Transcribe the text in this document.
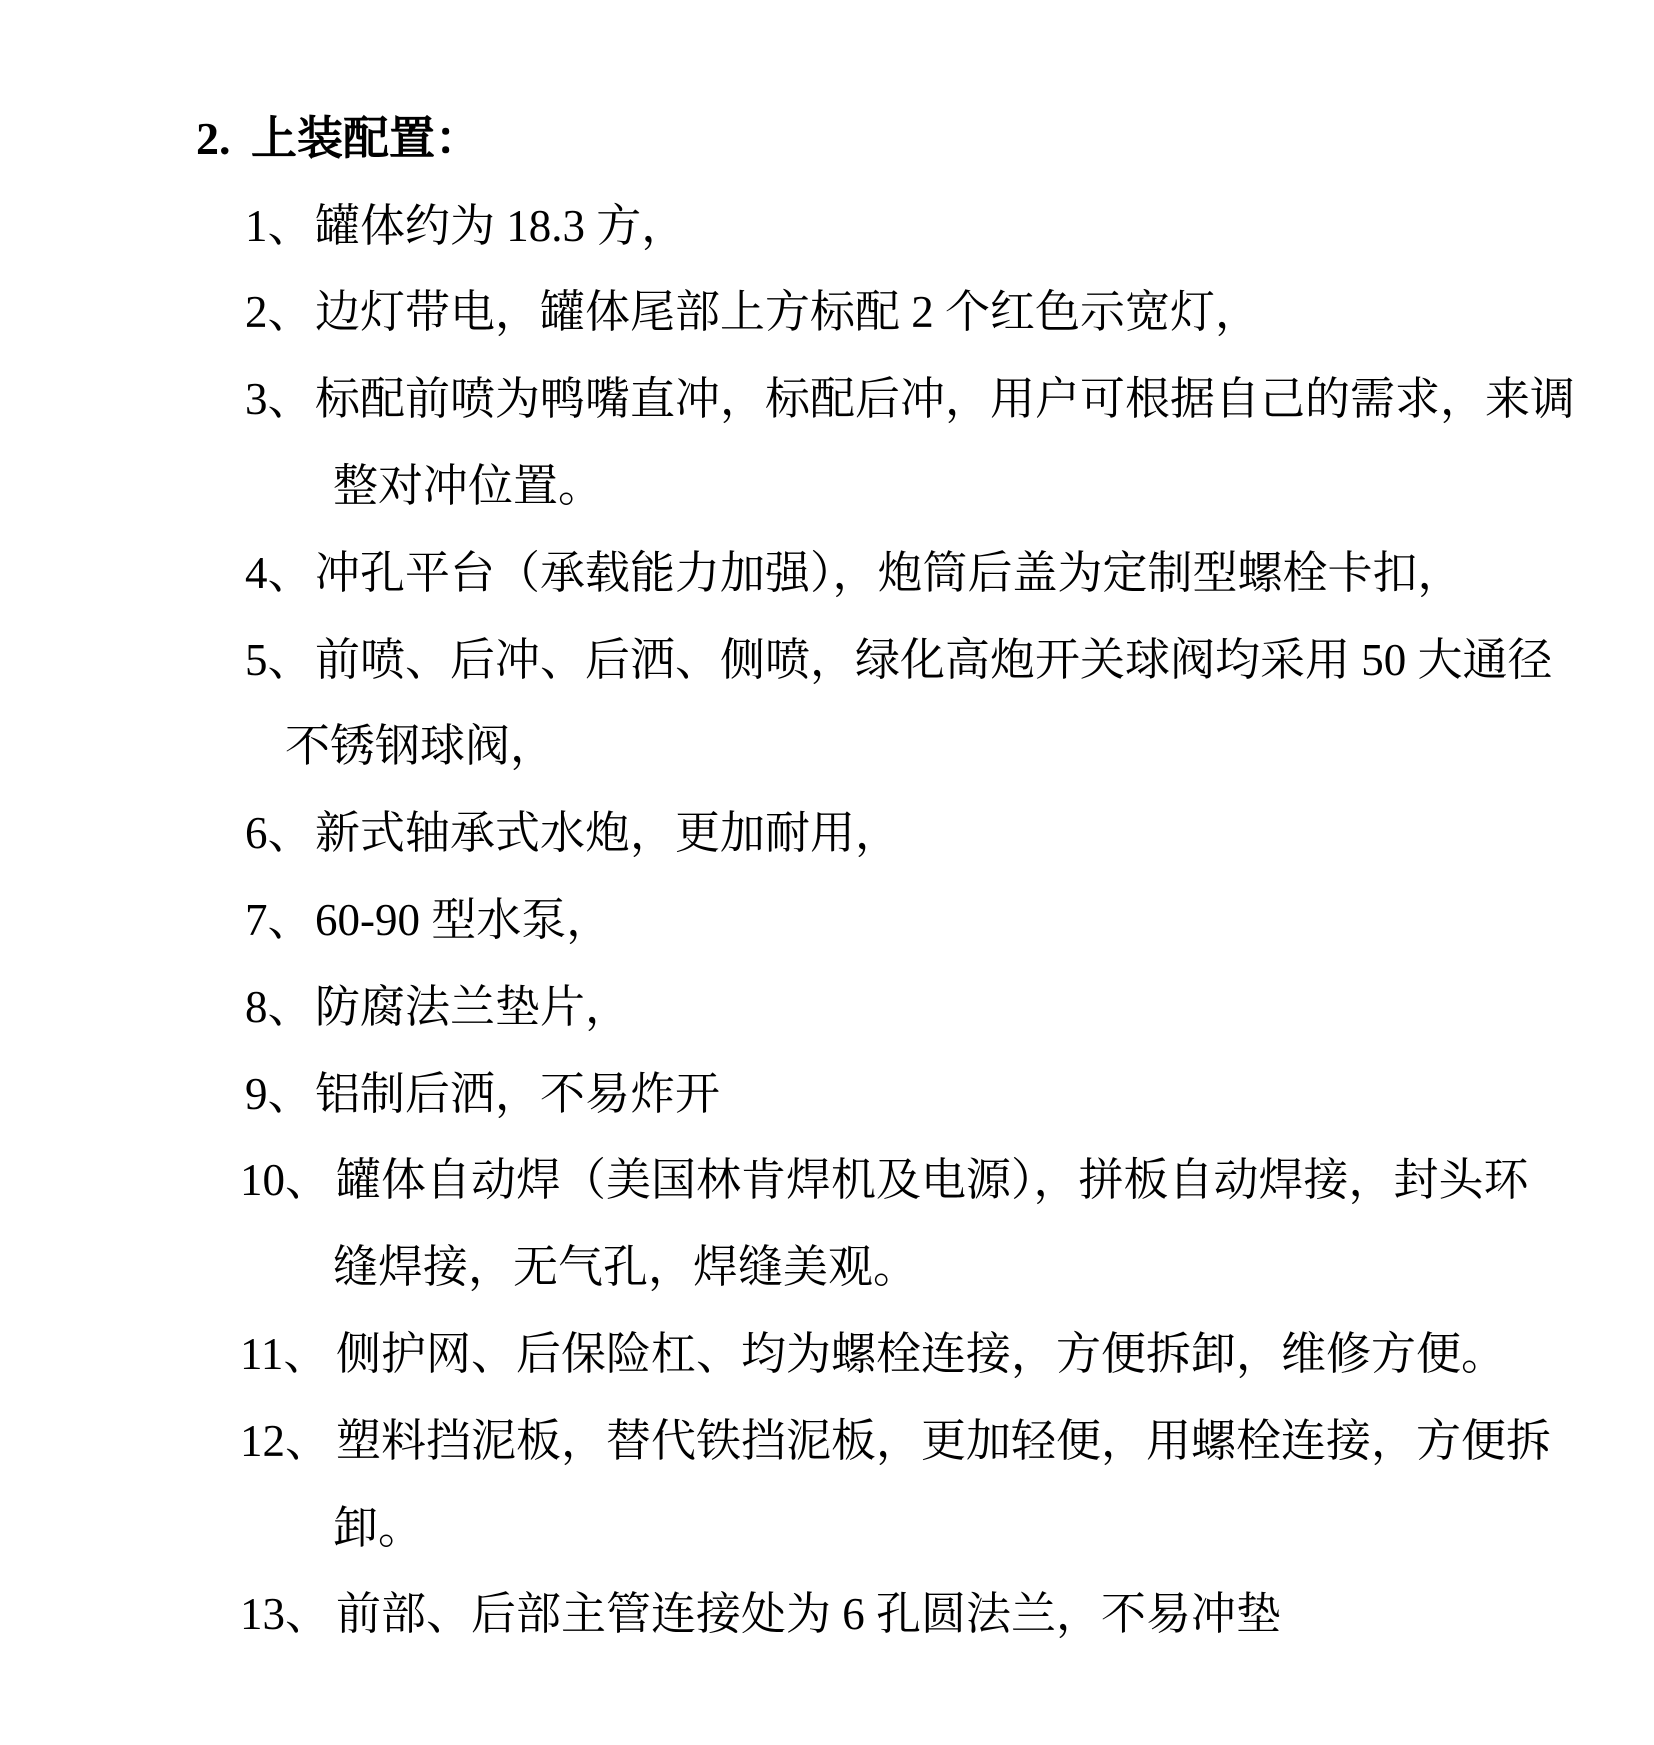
2. 上装配置：

1、罐体约为 18.3 方，

2、边灯带电，罐体尾部上方标配 2 个红色示宽灯，

3、标配前喷为鸭嘴直冲，标配后冲，用户可根据自己的需求，来调

整对冲位置。

4、冲孔平台（承载能力加强），炮筒后盖为定制型螺栓卡扣，

5、前喷、后冲、后洒、侧喷，绿化高炮开关球阀均采用 50 大通径

不锈钢球阀，

6、新式轴承式水炮，更加耐用，

7、60-90 型水泵，

8、防腐法兰垫片，

9、铝制后洒，不易炸开

10、 罐体自动焊（美国林肯焊机及电源），拼板自动焊接，封头环

缝焊接，无气孔，焊缝美观。

11、 侧护网、后保险杠、均为螺栓连接，方便拆卸，维修方便。

12、 塑料挡泥板，替代铁挡泥板，更加轻便，用螺栓连接，方便拆

卸。

13、 前部、后部主管连接处为 6 孔圆法兰，不易冲垫
